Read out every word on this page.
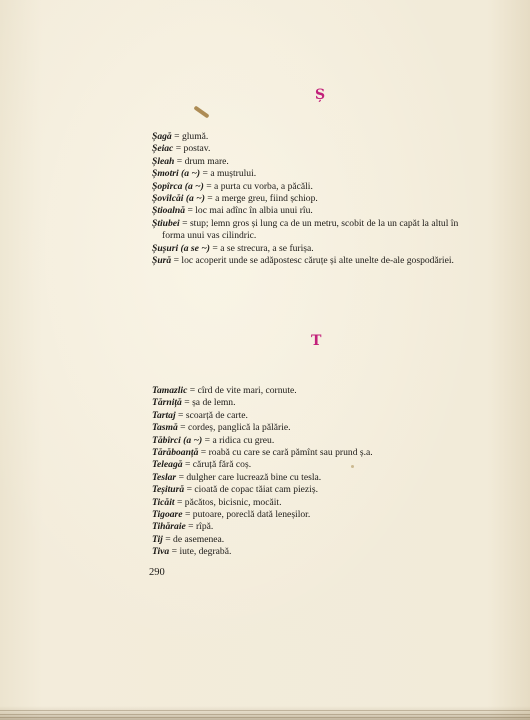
Ș
Șagă = glumă.
Șeiac = postav.
Șleah = drum mare.
Șmotri (a ~) = a muștrului.
Șopîrca (a ~) = a purta cu vorba, a păcăli.
Șovîlcăi (a ~) = a merge greu, fiind șchiop.
Știoalnă = loc mai adînc în albia unui rîu.
Știubei = stup; lemn gros și lung ca de un metru, scobit de la un capăt la altul în forma unui vas cilindric.
Șușuri (a se ~) = a se strecura, a se furișa.
Șură = loc acoperit unde se adăpostesc căruțe și alte unelte de-ale gospodăriei.
T
Tamazlic = cîrd de vite mari, cornute.
Tărniță = șa de lemn.
Tartaj = scoarță de carte.
Tasmă = cordeș, panglică la pălărie.
Tăbîrci (a ~) = a ridica cu greu.
Tărăboanță = roabă cu care se cară pămînt sau prund ș.a.
Teleagă = căruță fără coș.
Teslar = dulgher care lucrează bine cu tesla.
Teșitură = cioată de copac tăiat cam pieziș.
Ticăit = păcătos, bicisnic, mocăit.
Tigoare = putoare, poreclă dată leneșilor.
Tihăraie = rîpă.
Tij = de asemenea.
Tiva = iute, degrabă.
290
